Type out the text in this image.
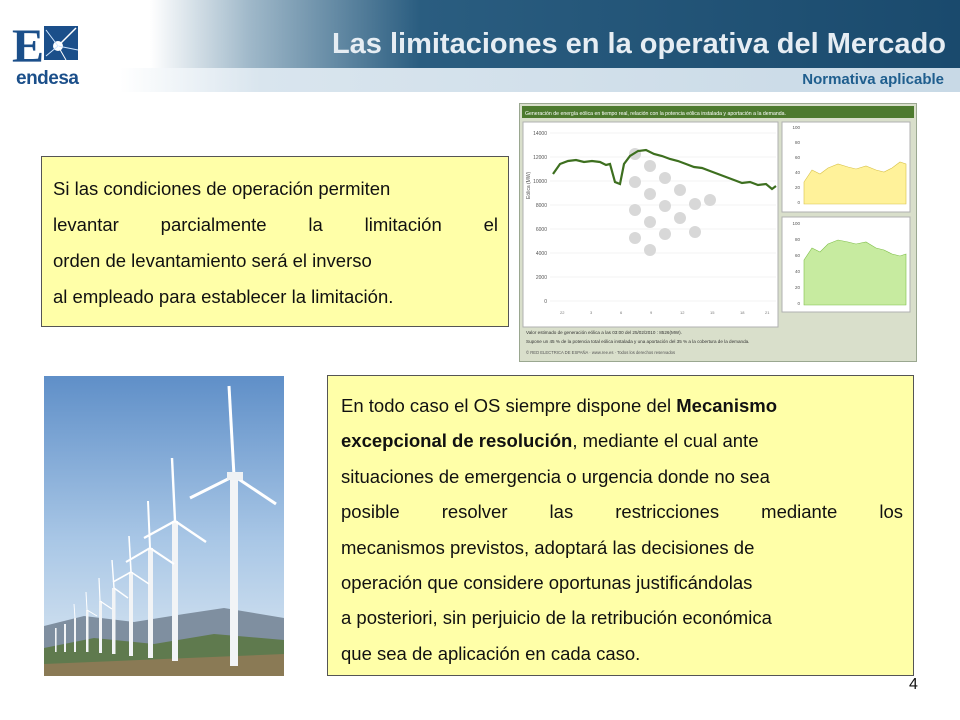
E
endesa
Las limitaciones en la operativa del Mercado
Normativa aplicable
Si las condiciones de operación permiten
levantar parcialmente la limitación el
orden de levantamiento será el inverso
al empleado para establecer la limitación.
Generación de energía eólica en tiempo real, relación con la potencia eólica instalada y aportación a la demanda.
Eólica (MW)
14000
12000
10000
8000
6000
4000
2000
0
22	3	6	9	12	15	18	21
100
80
60
40
20
0
100
80
60
40
20
0
Valor estimado de generación eólica a las 03:00 del 25/02/2010 : 8526(MW).
Supone un 45 % de la potencia total eólica instalada y una aportación del 35 % a la cobertura de la demanda.
© RED ELECTRICA DE ESPAÑA · www.ree.es · Todos los derechos reservados
En todo caso el OS siempre dispone del Mecanismo
excepcional de resolución, mediante el cual ante
situaciones de emergencia o urgencia donde no sea
posible resolver las restricciones mediante los
mecanismos previstos, adoptará las decisiones de
operación que considere oportunas justificándolas
a posteriori, sin perjuicio de la retribución económica
que sea de aplicación en cada caso.
4
